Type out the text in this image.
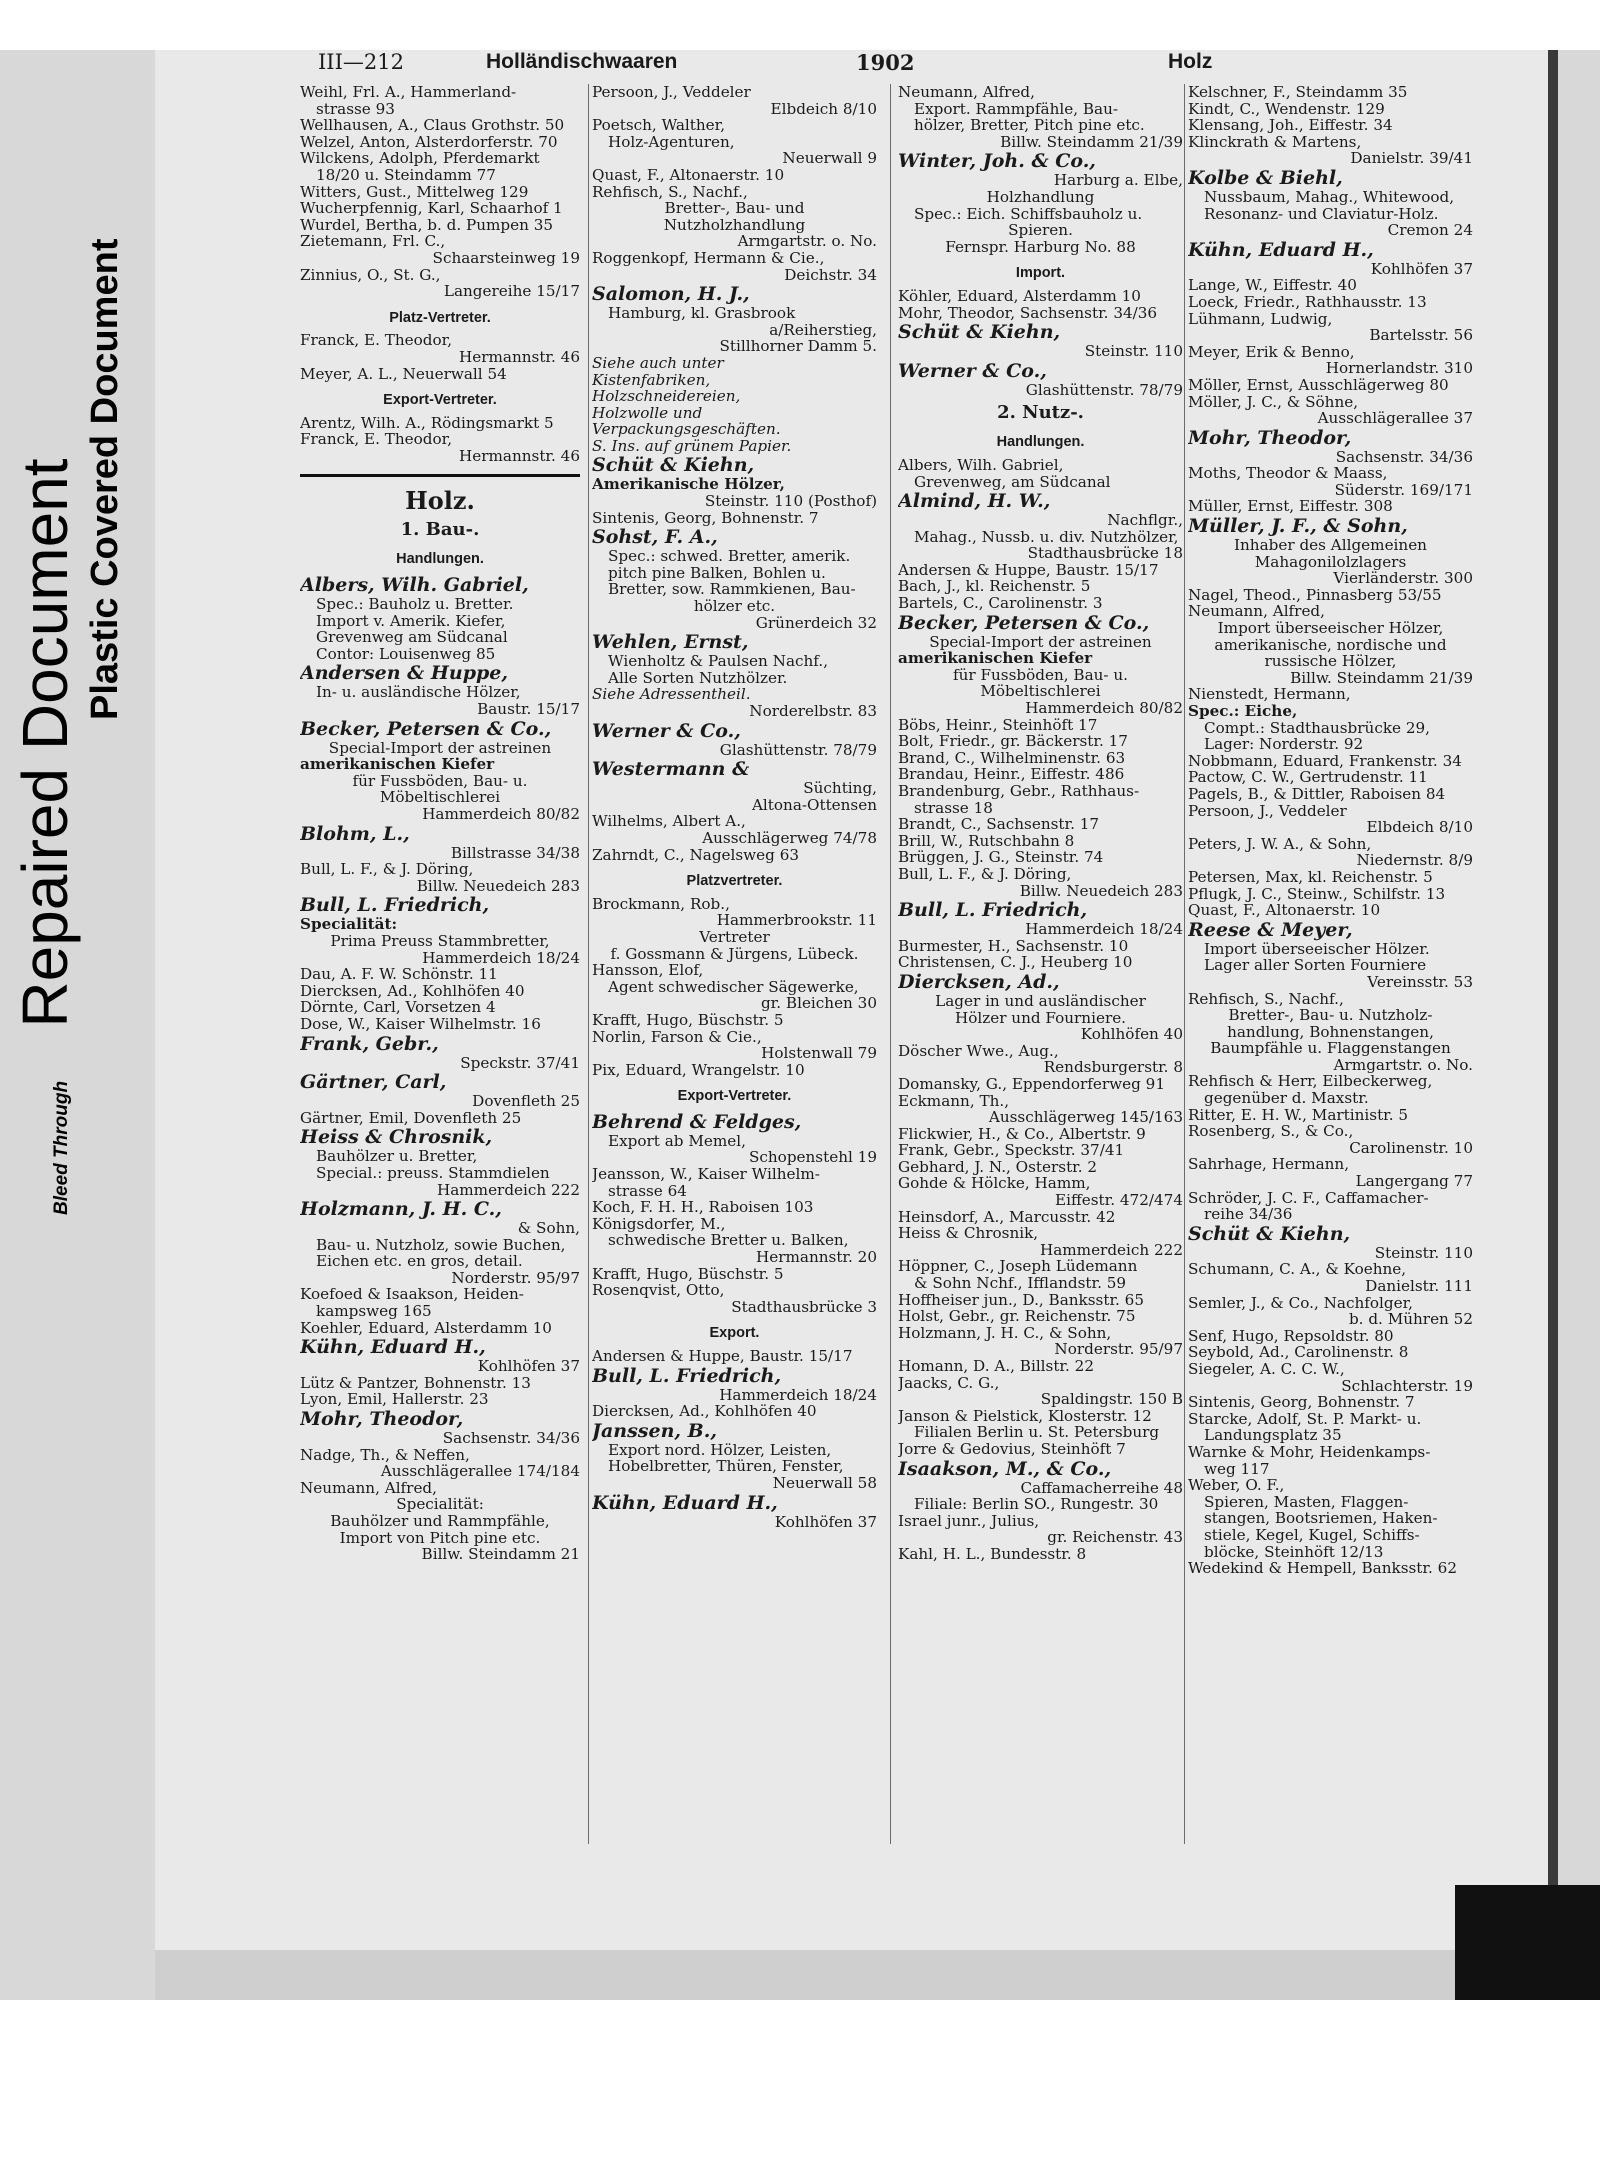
Bleed Through   Repaired Document Plastic Covered Document
III—212	Holländischwaaren	1902	Holz
Weihl, Frl. A., Hammerland-
strasse 93
Wellhausen, A., Claus Grothstr. 50
Welzel, Anton, Alsterdorferstr. 70
Wilckens, Adolph, Pferdemarkt
18/20 u. Steindamm 77
Witters, Gust., Mittelweg 129
Wucherpfennig, Karl, Schaarhof 1
Wurdel, Bertha, b. d. Pumpen 35
Zietemann, Frl. C.,
Schaarsteinweg 19
Zinnius, O., St. G.,
Langereihe 15/17
Platz-Vertreter.
Franck, E. Theodor,
Hermannstr. 46
Meyer, A. L., Neuerwall 54
Export-Vertreter.
Arentz, Wilh. A., Rödingsmarkt 5
Franck, E. Theodor,
Hermannstr. 46
Holz.
1. Bau-.
Handlungen.
Albers, Wilh. Gabriel,
Spec.: Bauholz u. Bretter.
Import v. Amerik. Kiefer,
Grevenweg am Südcanal
Contor: Louisenweg 85
Andersen & Huppe,
In- u. ausländische Hölzer,
Baustr. 15/17
Becker, Petersen & Co.,
Special-Import der astreinen
amerikanischen Kiefer
für Fussböden, Bau- u.
Möbeltischlerei
Hammerdeich 80/82
Blohm, L.,
Billstrasse 34/38
Bull, L. F., & J. Döring,
Billw. Neuedeich 283
Bull, L. Friedrich,
Specialität:
Prima Preuss Stammbretter,
Hammerdeich 18/24
Dau, A. F. W. Schönstr. 11
Diercksen, Ad., Kohlhöfen 40
Dörnte, Carl, Vorsetzen 4
Dose, W., Kaiser Wilhelmstr. 16
Frank, Gebr.,
Speckstr. 37/41
Gärtner, Carl,
Dovenfleth 25
Gärtner, Emil, Dovenfleth 25
Heiss & Chrosnik,
Bauhölzer u. Bretter,
Special.: preuss. Stammdielen
Hammerdeich 222
Holzmann, J. H. C.,
& Sohn,
Bau- u. Nutzholz, sowie Buchen,
Eichen etc. en gros, detail.
Norderstr. 95/97
Koefoed & Isaakson, Heiden-
kampsweg 165
Koehler, Eduard, Alsterdamm 10
Kühn, Eduard H.,
Kohlhöfen 37
Lütz & Pantzer, Bohnenstr. 13
Lyon, Emil, Hallerstr. 23
Mohr, Theodor,
Sachsenstr. 34/36
Nadge, Th., & Neffen,
Ausschlägerallee 174/184
Neumann, Alfred,
Specialität:
Bauhölzer und Rammpfähle,
Import von Pitch pine etc.
Billw. Steindamm 21
Persoon, J., Veddeler
Elbdeich 8/10
Poetsch, Walther,
Holz-Agenturen,
Neuerwall 9
Quast, F., Altonaerstr. 10
Rehfisch, S., Nachf.,
Bretter-, Bau- und
Nutzholzhandlung
Armgartstr. o. No.
Roggenkopf, Hermann & Cie.,
Deichstr. 34
Salomon, H. J.,
Hamburg, kl. Grasbrook
a/Reiherstieg,
Stillhorner Damm 5.
Siehe auch unter
Kistenfabriken,
Holzschneidereien,
Holzwolle und
Verpackungsgeschäften.
S. Ins. auf grünem Papier.
Schüt & Kiehn,
Amerikanische Hölzer,
Steinstr. 110 (Posthof)
Sintenis, Georg, Bohnenstr. 7
Sohst, F. A.,
Spec.: schwed. Bretter, amerik.
pitch pine Balken, Bohlen u.
Bretter, sow. Rammkienen, Bau-
hölzer etc.
Grünerdeich 32
Wehlen, Ernst,
Wienholtz & Paulsen Nachf.,
Alle Sorten Nutzhölzer.
Siehe Adressentheil.
Norderelbstr. 83
Werner & Co.,
Glashüttenstr. 78/79
Westermann &
Süchting,
Altona-Ottensen
Wilhelms, Albert A.,
Ausschlägerweg 74/78
Zahrndt, C., Nagelsweg 63
Platzvertreter.
Brockmann, Rob.,
Hammerbrookstr. 11
Vertreter
f. Gossmann & Jürgens, Lübeck.
Hansson, Elof,
Agent schwedischer Sägewerke,
gr. Bleichen 30
Krafft, Hugo, Büschstr. 5
Norlin, Farson & Cie.,
Holstenwall 79
Pix, Eduard, Wrangelstr. 10
Export-Vertreter.
Behrend & Feldges,
Export ab Memel,
Schopenstehl 19
Jeansson, W., Kaiser Wilhelm-
strasse 64
Koch, F. H. H., Raboisen 103
Königsdorfer, M.,
schwedische Bretter u. Balken,
Hermannstr. 20
Krafft, Hugo, Büschstr. 5
Rosenqvist, Otto,
Stadthausbrücke 3
Export.
Andersen & Huppe, Baustr. 15/17
Bull, L. Friedrich,
Hammerdeich 18/24
Diercksen, Ad., Kohlhöfen 40
Janssen, B.,
Export nord. Hölzer, Leisten,
Hobelbretter, Thüren, Fenster,
Neuerwall 58
Kühn, Eduard H.,
Kohlhöfen 37
Neumann, Alfred,
Export. Rammpfähle, Bau-
hölzer, Bretter, Pitch pine etc.
Billw. Steindamm 21/39
Winter, Joh. & Co.,
Harburg a. Elbe,
Holzhandlung
Spec.: Eich. Schiffsbauholz u.
Spieren.
Fernspr. Harburg No. 88
Import.
Köhler, Eduard, Alsterdamm 10
Mohr, Theodor, Sachsenstr. 34/36
Schüt & Kiehn,
Steinstr. 110
Werner & Co.,
Glashüttenstr. 78/79
2. Nutz-.
Handlungen.
Albers, Wilh. Gabriel,
Grevenweg, am Südcanal
Almind, H. W.,
Nachflgr.,
Mahag., Nussb. u. div. Nutzhölzer,
Stadthausbrücke 18
Andersen & Huppe, Baustr. 15/17
Bach, J., kl. Reichenstr. 5
Bartels, C., Carolinenstr. 3
Becker, Petersen & Co.,
Special-Import der astreinen
amerikanischen Kiefer
für Fussböden, Bau- u.
Möbeltischlerei
Hammerdeich 80/82
Böbs, Heinr., Steinhöft 17
Bolt, Friedr., gr. Bäckerstr. 17
Brand, C., Wilhelminenstr. 63
Brandau, Heinr., Eiffestr. 486
Brandenburg, Gebr., Rathhaus-
strasse 18
Brandt, C., Sachsenstr. 17
Brill, W., Rutschbahn 8
Brüggen, J. G., Steinstr. 74
Bull, L. F., & J. Döring,
Billw. Neuedeich 283
Bull, L. Friedrich,
Hammerdeich 18/24
Burmester, H., Sachsenstr. 10
Christensen, C. J., Heuberg 10
Diercksen, Ad.,
Lager in und ausländischer
Hölzer und Fourniere.
Kohlhöfen 40
Döscher Wwe., Aug.,
Rendsburgerstr. 8
Domansky, G., Eppendorferweg 91
Eckmann, Th.,
Ausschlägerweg 145/163
Flickwier, H., & Co., Albertstr. 9
Frank, Gebr., Speckstr. 37/41
Gebhard, J. N., Osterstr. 2
Gohde & Hölcke, Hamm,
Eiffestr. 472/474
Heinsdorf, A., Marcusstr. 42
Heiss & Chrosnik,
Hammerdeich 222
Höppner, C., Joseph Lüdemann
& Sohn Nchf., Ifflandstr. 59
Hoffheiser jun., D., Banksstr. 65
Holst, Gebr., gr. Reichenstr. 75
Holzmann, J. H. C., & Sohn,
Norderstr. 95/97
Homann, D. A., Billstr. 22
Jaacks, C. G.,
Spaldingstr. 150 B
Janson & Pielstick, Klosterstr. 12
Filialen Berlin u. St. Petersburg
Jorre & Gedovius, Steinhöft 7
Isaakson, M., & Co.,
Caffamacherreihe 48
Filiale: Berlin SO., Rungestr. 30
Israel junr., Julius,
gr. Reichenstr. 43
Kahl, H. L., Bundesstr. 8
Kelschner, F., Steindamm 35
Kindt, C., Wendenstr. 129
Klensang, Joh., Eiffestr. 34
Klinckrath & Martens,
Danielstr. 39/41
Kolbe & Biehl,
Nussbaum, Mahag., Whitewood,
Resonanz- und Claviatur-Holz.
Cremon 24
Kühn, Eduard H.,
Kohlhöfen 37
Lange, W., Eiffestr. 40
Loeck, Friedr., Rathhausstr. 13
Lühmann, Ludwig,
Bartelsstr. 56
Meyer, Erik & Benno,
Hornerlandstr. 310
Möller, Ernst, Ausschlägerweg 80
Möller, J. C., & Söhne,
Ausschlägerallee 37
Mohr, Theodor,
Sachsenstr. 34/36
Moths, Theodor & Maass,
Süderstr. 169/171
Müller, Ernst, Eiffestr. 308
Müller, J. F., & Sohn,
Inhaber des Allgemeinen
Mahagonilolzlagers
Vierländerstr. 300
Nagel, Theod., Pinnasberg 53/55
Neumann, Alfred,
Import überseeischer Hölzer,
amerikanische, nordische und
russische Hölzer,
Billw. Steindamm 21/39
Nienstedt, Hermann,
Spec.: Eiche,
Compt.: Stadthausbrücke 29,
Lager: Norderstr. 92
Nobbmann, Eduard, Frankenstr. 34
Pactow, C. W., Gertrudenstr. 11
Pagels, B., & Dittler, Raboisen 84
Persoon, J., Veddeler
Elbdeich 8/10
Peters, J. W. A., & Sohn,
Niedernstr. 8/9
Petersen, Max, kl. Reichenstr. 5
Pflugk, J. C., Steinw., Schilfstr. 13
Quast, F., Altonaerstr. 10
Reese & Meyer,
Import überseeischer Hölzer.
Lager aller Sorten Fourniere
Vereinsstr. 53
Rehfisch, S., Nachf.,
Bretter-, Bau- u. Nutzholz-
handlung, Bohnenstangen,
Baumpfähle u. Flaggenstangen
Armgartstr. o. No.
Rehfisch & Herr, Eilbeckerweg,
gegenüber d. Maxstr.
Ritter, E. H. W., Martinistr. 5
Rosenberg, S., & Co.,
Carolinenstr. 10
Sahrhage, Hermann,
Langergang 77
Schröder, J. C. F., Caffamacher-
reihe 34/36
Schüt & Kiehn,
Steinstr. 110
Schumann, C. A., & Koehne,
Danielstr. 111
Semler, J., & Co., Nachfolger,
b. d. Mühren 52
Senf, Hugo, Repsoldstr. 80
Seybold, Ad., Carolinenstr. 8
Siegeler, A. C. C. W.,
Schlachterstr. 19
Sintenis, Georg, Bohnenstr. 7
Starcke, Adolf, St. P. Markt- u.
Landungsplatz 35
Warnke & Mohr, Heidenkamps-
weg 117
Weber, O. F.,
Spieren, Masten, Flaggen-
stangen, Bootsriemen, Haken-
stiele, Kegel, Kugel, Schiffs-
blöcke, Steinhöft 12/13
Wedekind & Hempell, Banksstr. 62
